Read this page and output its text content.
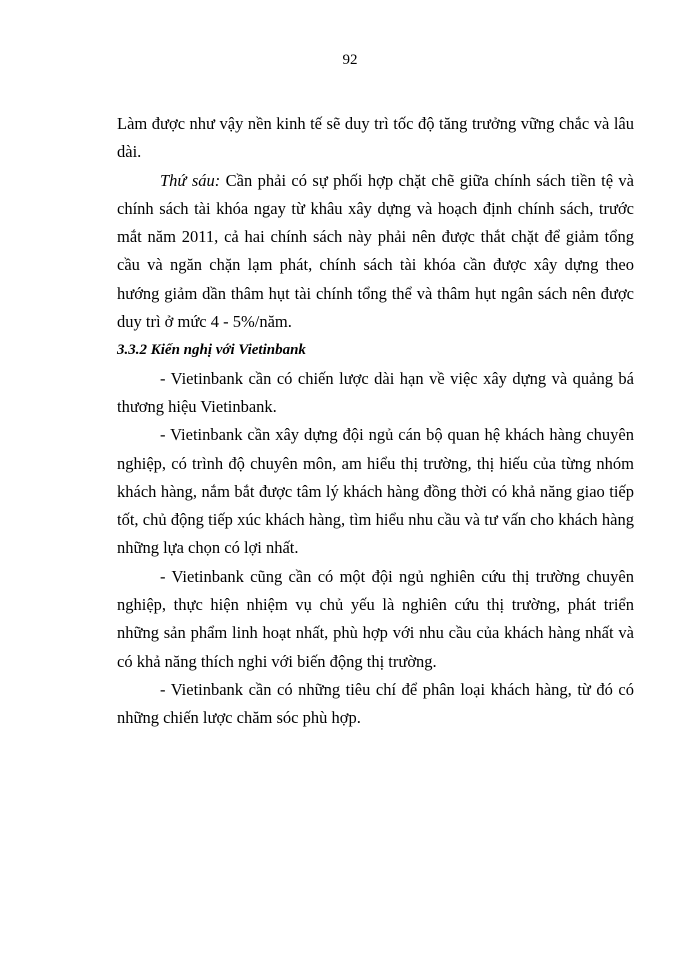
92

Làm được như vậy nền kinh tế sẽ duy trì tốc độ tăng trưởng vững chắc và lâu dài.

Thứ sáu: Cần phải có sự phối hợp chặt chẽ giữa chính sách tiền tệ và chính sách tài khóa ngay từ khâu xây dựng và hoạch định chính sách, trước mắt năm 2011, cả hai chính sách này phải nên được thắt chặt để giảm tổng cầu và ngăn chặn lạm phát, chính sách tài khóa cần được xây dựng theo hướng giảm dần thâm hụt tài chính tổng thể và thâm hụt ngân sách nên được duy trì ở mức 4 - 5%/năm.

3.3.2 Kiến nghị với Vietinbank

- Vietinbank cần có chiến lược dài hạn về việc xây dựng và quảng bá thương hiệu Vietinbank.

- Vietinbank cần xây dựng đội ngủ cán bộ quan hệ khách hàng chuyên nghiệp, có trình độ chuyên môn, am hiểu thị trường, thị hiếu của từng nhóm khách hàng, nắm bắt được tâm lý khách hàng đồng thời có khả năng giao tiếp tốt, chủ động tiếp xúc khách hàng, tìm hiểu nhu cầu và tư vấn cho khách hàng những lựa chọn có lợi nhất.

- Vietinbank cũng cần có một đội ngủ nghiên cứu thị trường chuyên nghiệp, thực hiện nhiệm vụ chủ yếu là nghiên cứu thị trường, phát triển những sản phẩm linh hoạt nhất, phù hợp với nhu cầu của khách hàng nhất và có khả năng thích nghi với biến động thị trường.

- Vietinbank cần có những tiêu chí để phân loại khách hàng, từ đó có những chiến lược chăm sóc phù hợp.
